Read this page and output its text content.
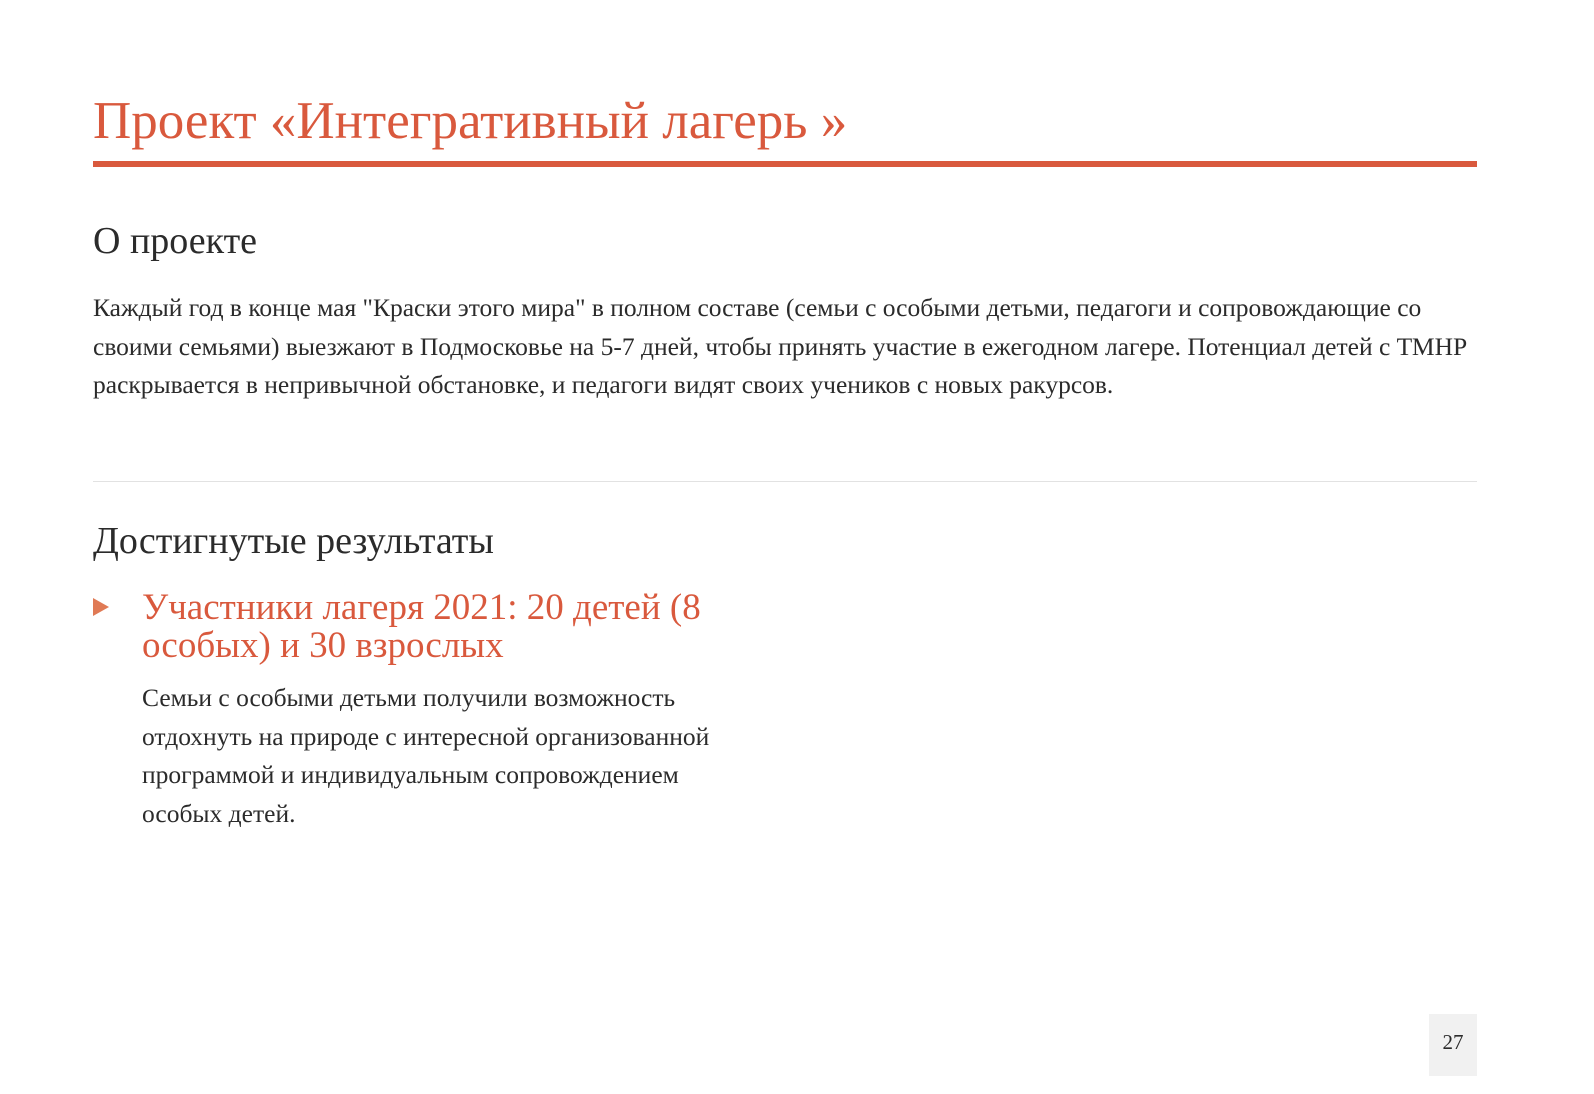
Проект «Интегративный лагерь »
О проекте

Каждый год в конце мая "Краски этого мира" в полном составе (семьи с особыми детьми, педагоги и сопровождающие со своими семьями) выезжают в Подмосковье на 5-7 дней, чтобы принять участие в ежегодном лагере. Потенциал детей с ТМНР раскрывается в непривычной обстановке, и педагоги видят своих учеников с новых ракурсов.

Достигнутые результаты
Участники лагеря 2021: 20 детей (8 особых) и 30 взрослых

Семьи с особыми детьми получили возможность отдохнуть на природе с интересной организованной программой и индивидуальным сопровождением особых детей.

27
